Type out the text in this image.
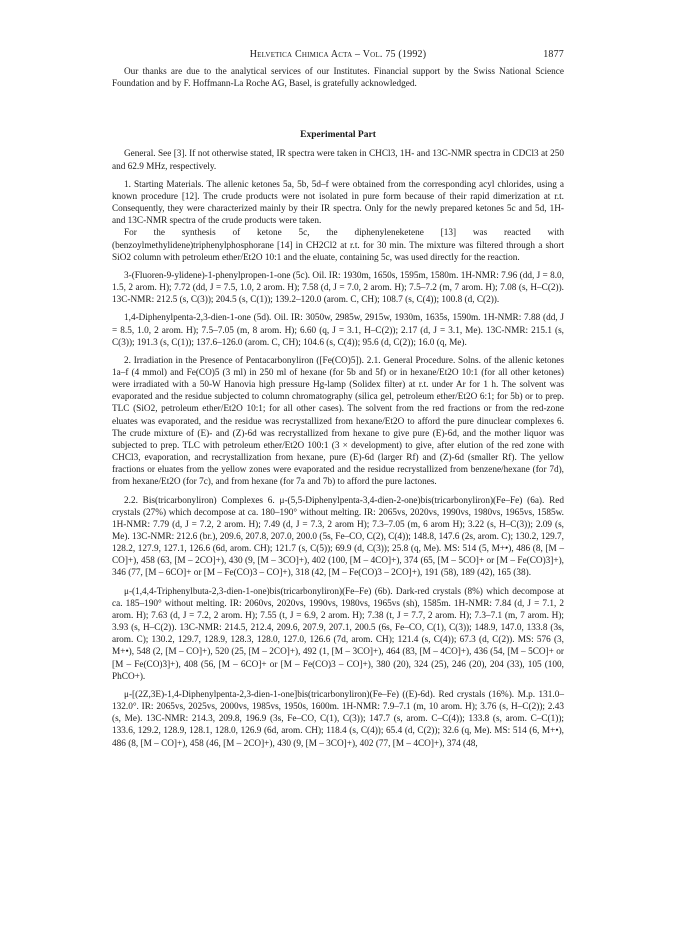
Helvetica Chimica Acta – Vol. 75 (1992)	1877

Our thanks are due to the analytical services of our Institutes. Financial support by the Swiss National Science Foundation and by F. Hoffmann-La Roche AG, Basel, is gratefully acknowledged.

Experimental Part

General. See [3]. If not otherwise stated, IR spectra were taken in CHCl3, 1H- and 13C-NMR spectra in CDCl3 at 250 and 62.9 MHz, respectively.

1. Starting Materials. The allenic ketones 5a, 5b, 5d–f were obtained from the corresponding acyl chlorides, using a known procedure [12]. The crude products were not isolated in pure form because of their rapid dimerization at r.t. Consequently, they were characterized mainly by their IR spectra. Only for the newly prepared ketones 5c and 5d, 1H- and 13C-NMR spectra of the crude products were taken.

For the synthesis of ketone 5c, the diphenyleneketene [13] was reacted with (benzoylmethylidene)triphenylphosphorane [14] in CH2Cl2 at r.t. for 30 min. The mixture was filtered through a short SiO2 column with petroleum ether/Et2O 10:1 and the eluate, containing 5c, was used directly for the reaction.

3-(Fluoren-9-ylidene)-1-phenylpropen-1-one (5c). Oil. IR: 1930m, 1650s, 1595m, 1580m. 1H-NMR: 7.96 (dd, J = 8.0, 1.5, 2 arom. H); 7.72 (dd, J = 7.5, 1.0, 2 arom. H); 7.58 (d, J = 7.0, 2 arom. H); 7.5–7.2 (m, 7 arom. H); 7.08 (s, H–C(2)). 13C-NMR: 212.5 (s, C(3)); 204.5 (s, C(1)); 139.2–120.0 (arom. C, CH); 108.7 (s, C(4)); 100.8 (d, C(2)).

1,4-Diphenylpenta-2,3-dien-1-one (5d). Oil. IR: 3050w, 2985w, 2915w, 1930m, 1635s, 1590m. 1H-NMR: 7.88 (dd, J = 8.5, 1.0, 2 arom. H); 7.5–7.05 (m, 8 arom. H); 6.60 (q, J = 3.1, H–C(2)); 2.17 (d, J = 3.1, Me). 13C-NMR: 215.1 (s, C(3)); 191.3 (s, C(1)); 137.6–126.0 (arom. C, CH); 104.6 (s, C(4)); 95.6 (d, C(2)); 16.0 (q, Me).

2. Irradiation in the Presence of Pentacarbonyliron ([Fe(CO)5]). 2.1. General Procedure. Solns. of the allenic ketones 1a–f (4 mmol) and Fe(CO)5 (3 ml) in 250 ml of hexane (for 5b and 5f) or in hexane/Et2O 10:1 (for all other ketones) were irradiated with a 50-W Hanovia high pressure Hg-lamp (Solidex filter) at r.t. under Ar for 1 h. The solvent was evaporated and the residue subjected to column chromatography (silica gel, petroleum ether/Et2O 6:1; for 5b) or to prep. TLC (SiO2, petroleum ether/Et2O 10:1; for all other cases). The solvent from the red fractions or from the red-zone eluates was evaporated, and the residue was recrystallized from hexane/Et2O to afford the pure dinuclear complexes 6. The crude mixture of (E)- and (Z)-6d was recrystallized from hexane to give pure (E)-6d, and the mother liquor was subjected to prep. TLC with petroleum ether/Et2O 100:1 (3 × development) to give, after elution of the red zone with CHCl3, evaporation, and recrystallization from hexane, pure (E)-6d (larger Rf) and (Z)-6d (smaller Rf). The yellow fractions or eluates from the yellow zones were evaporated and the residue recrystallized from benzene/hexane (for 7d), from hexane/Et2O (for 7c), and from hexane (for 7a and 7b) to afford the pure lactones.

2.2. Bis(tricarbonyliron) Complexes 6. μ-(5,5-Diphenylpenta-3,4-dien-2-one)bis(tricarbonyliron)(Fe–Fe) (6a). Red crystals (27%) which decompose at ca. 180–190° without melting. IR: 2065vs, 2020vs, 1990vs, 1980vs, 1965vs, 1585w. 1H-NMR: 7.79 (d, J = 7.2, 2 arom. H); 7.49 (d, J = 7.3, 2 arom H); 7.3–7.05 (m, 6 arom H); 3.22 (s, H–C(3)); 2.09 (s, Me). 13C-NMR: 212.6 (br.), 209.6, 207.8, 207.0, 200.0 (5s, Fe–CO, C(2), C(4)); 148.8, 147.6 (2s, arom. C); 130.2, 129.7, 128.2, 127.9, 127.1, 126.6 (6d, arom. CH); 121.7 (s, C(5)); 69.9 (d, C(3)); 25.8 (q, Me). MS: 514 (5, M+•), 486 (8, [M – CO]+), 458 (63, [M – 2CO]+), 430 (9, [M – 3CO]+), 402 (100, [M – 4CO]+), 374 (65, [M – 5CO]+ or [M – Fe(CO)3]+), 346 (77, [M – 6CO]+ or [M – Fe(CO)3 – CO]+), 318 (42, [M – Fe(CO)3 – 2CO]+), 191 (58), 189 (42), 165 (38).

μ-(1,4,4-Triphenylbuta-2,3-dien-1-one)bis(tricarbonyliron)(Fe–Fe) (6b). Dark-red crystals (8%) which decompose at ca. 185–190° without melting. IR: 2060vs, 2020vs, 1990vs, 1980vs, 1965vs (sh), 1585m. 1H-NMR: 7.84 (d, J = 7.1, 2 arom. H); 7.63 (d, J = 7.2, 2 arom. H); 7.55 (t, J = 6.9, 2 arom. H); 7.38 (t, J = 7.7, 2 arom. H); 7.3–7.1 (m, 7 arom. H); 3.93 (s, H–C(2)). 13C-NMR: 214.5, 212.4, 209.6, 207.9, 207.1, 200.5 (6s, Fe–CO, C(1), C(3)); 148.9, 147.0, 133.8 (3s, arom. C); 130.2, 129.7, 128.9, 128.3, 128.0, 127.0, 126.6 (7d, arom. CH); 121.4 (s, C(4)); 67.3 (d, C(2)). MS: 576 (3, M+•), 548 (2, [M – CO]+), 520 (25, [M – 2CO]+), 492 (1, [M – 3CO]+), 464 (83, [M – 4CO]+), 436 (54, [M – 5CO]+ or [M – Fe(CO)3]+), 408 (56, [M – 6CO]+ or [M – Fe(CO)3 – CO]+), 380 (20), 324 (25), 246 (20), 204 (33), 105 (100, PhCO+).

μ-[(2Z,3E)-1,4-Diphenylpenta-2,3-dien-1-one]bis(tricarbonyliron)(Fe–Fe) ((E)-6d). Red crystals (16%). M.p. 131.0–132.0°. IR: 2065vs, 2025vs, 2000vs, 1985vs, 1950s, 1600m. 1H-NMR: 7.9–7.1 (m, 10 arom. H); 3.76 (s, H–C(2)); 2.43 (s, Me). 13C-NMR: 214.3, 209.8, 196.9 (3s, Fe–CO, C(1), C(3)); 147.7 (s, arom. C–C(4)); 133.8 (s, arom. C–C(1)); 133.6, 129.2, 128.9, 128.1, 128.0, 126.9 (6d, arom. CH); 118.4 (s, C(4)); 65.4 (d, C(2)); 32.6 (q, Me). MS: 514 (6, M+•), 486 (8, [M – CO]+), 458 (46, [M – 2CO]+), 430 (9, [M – 3CO]+), 402 (77, [M – 4CO]+), 374 (48,
